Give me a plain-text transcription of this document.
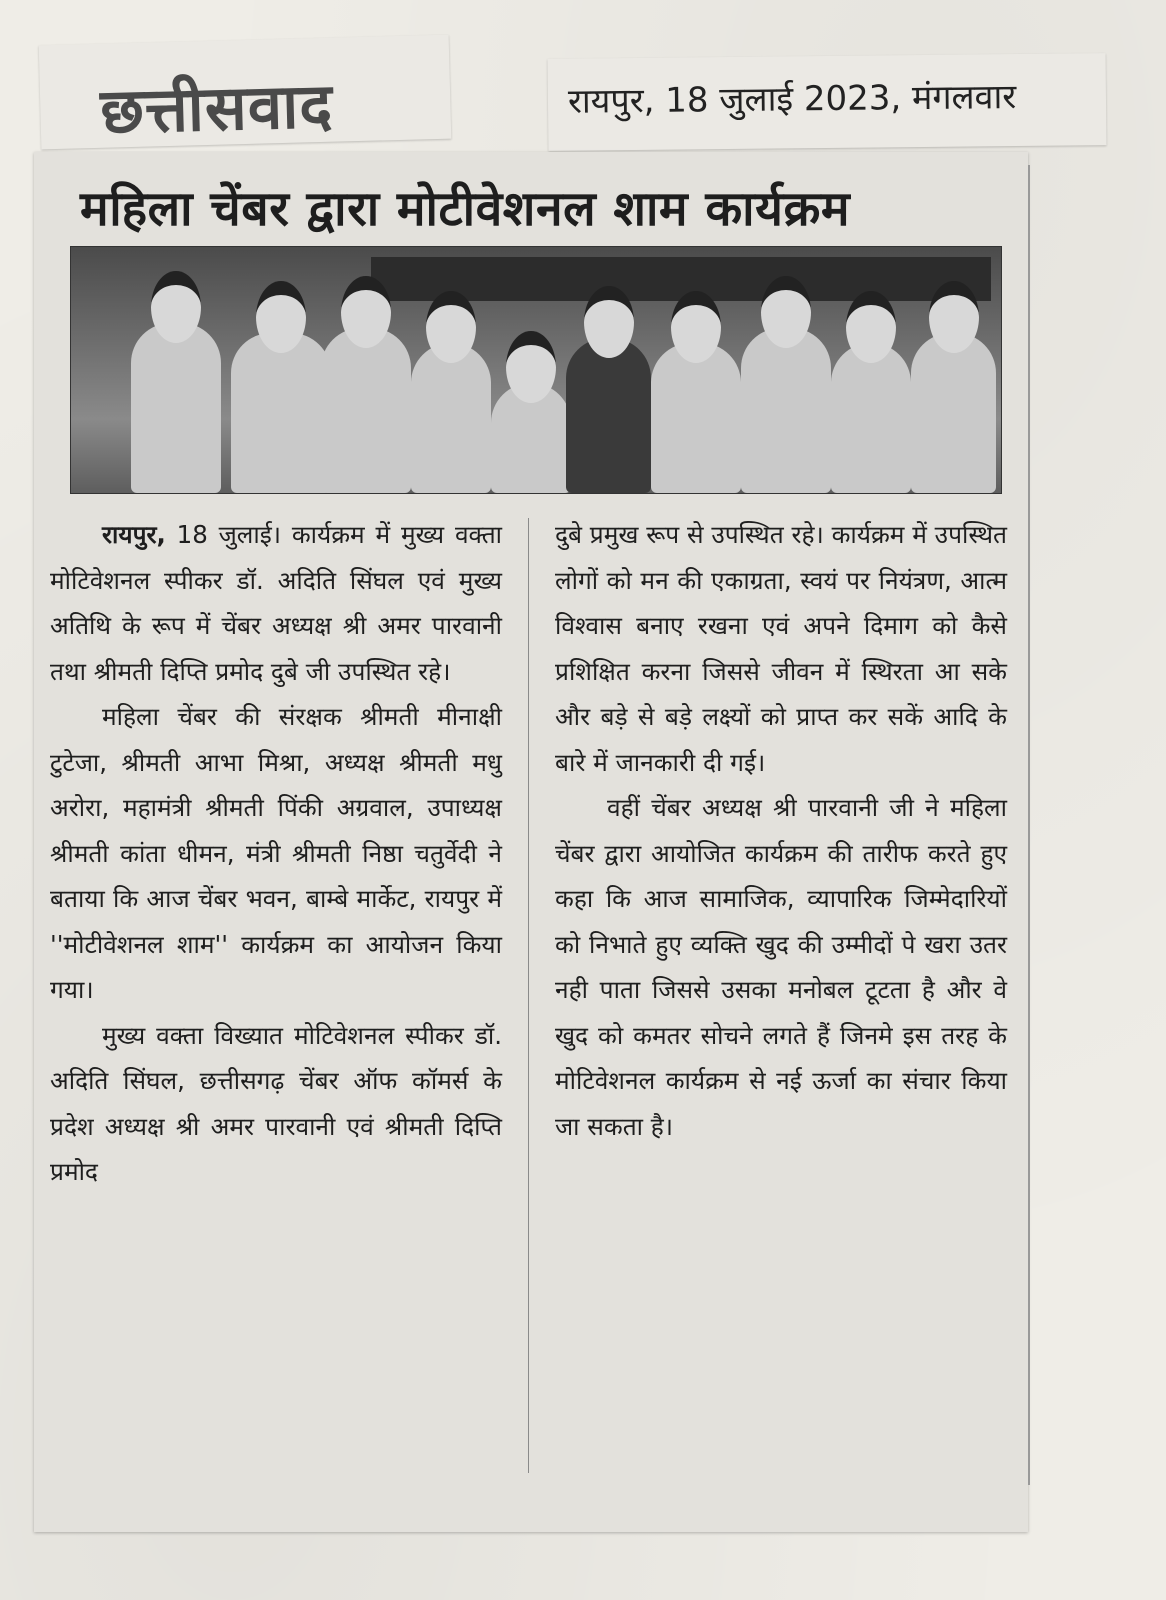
छत्तीसवाद	रायपुर, 18 जुलाई 2023, मंगलवार
महिला चेंबर द्वारा मोटीवेशनल शाम कार्यक्रम

रायपुर, 18 जुलाई। कार्यक्रम में मुख्य वक्ता मोटिवेशनल स्पीकर डॉ. अदिति सिंघल एवं मुख्य अतिथि के रूप में चेंबर अध्यक्ष श्री अमर पारवानी तथा श्रीमती दिप्ति प्रमोद दुबे जी उपस्थित रहे।

महिला चेंबर की संरक्षक श्रीमती मीनाक्षी टुटेजा, श्रीमती आभा मिश्रा, अध्यक्ष श्रीमती मधु अरोरा, महामंत्री श्रीमती पिंकी अग्रवाल, उपाध्यक्ष श्रीमती कांता धीमन, मंत्री श्रीमती निष्ठा चतुर्वेदी ने बताया कि आज चेंबर भवन, बाम्बे मार्केट, रायपुर में ''मोटीवेशनल शाम'' कार्यक्रम का आयोजन किया गया।

मुख्य वक्ता विख्यात मोटिवेशनल स्पीकर डॉ. अदिति सिंघल, छत्तीसगढ़ चेंबर ऑफ कॉमर्स के प्रदेश अध्यक्ष श्री अमर पारवानी एवं श्रीमती दिप्ति प्रमोद

दुबे प्रमुख रूप से उपस्थित रहे। कार्यक्रम में उपस्थित लोगों को मन की एकाग्रता, स्वयं पर नियंत्रण, आत्म विश्वास बनाए रखना एवं अपने दिमाग को कैसे प्रशिक्षित करना जिससे जीवन में स्थिरता आ सके और बड़े से बड़े लक्ष्यों को प्राप्त कर सकें आदि के बारे में जानकारी दी गई।

वहीं चेंबर अध्यक्ष श्री पारवानी जी ने महिला चेंबर द्वारा आयोजित कार्यक्रम की तारीफ करते हुए कहा कि आज सामाजिक, व्यापारिक जिम्मेदारियों को निभाते हुए व्यक्ति खुद की उम्मीदों पे खरा उतर नही पाता जिससे उसका मनोबल टूटता है और वे खुद को कमतर सोचने लगते हैं जिनमे इस तरह के मोटिवेशनल कार्यक्रम से नई ऊर्जा का संचार किया जा सकता है।
